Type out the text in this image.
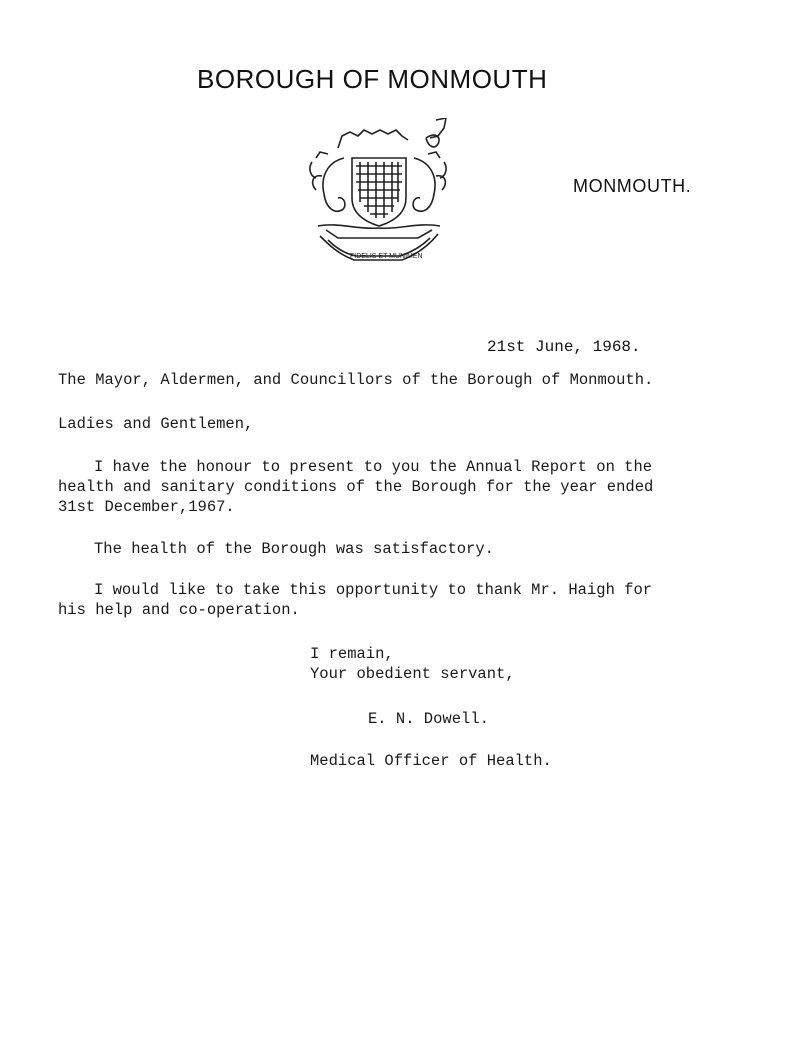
BOROUGH OF MONMOUTH
FIDELIS ET MUNIMEN
MONMOUTH.
21st June, 1968.
The Mayor, Aldermen, and Councillors of the Borough of Monmouth.
Ladies and Gentlemen,
I have the honour to present to you the Annual Report on the
health and sanitary conditions of the Borough for the year ended
31st December,1967.
The health of the Borough was satisfactory.
I would like to take this opportunity to thank Mr. Haigh for
his help and co-operation.
I remain,
Your obedient servant,
E. N. Dowell.
Medical Officer of Health.
